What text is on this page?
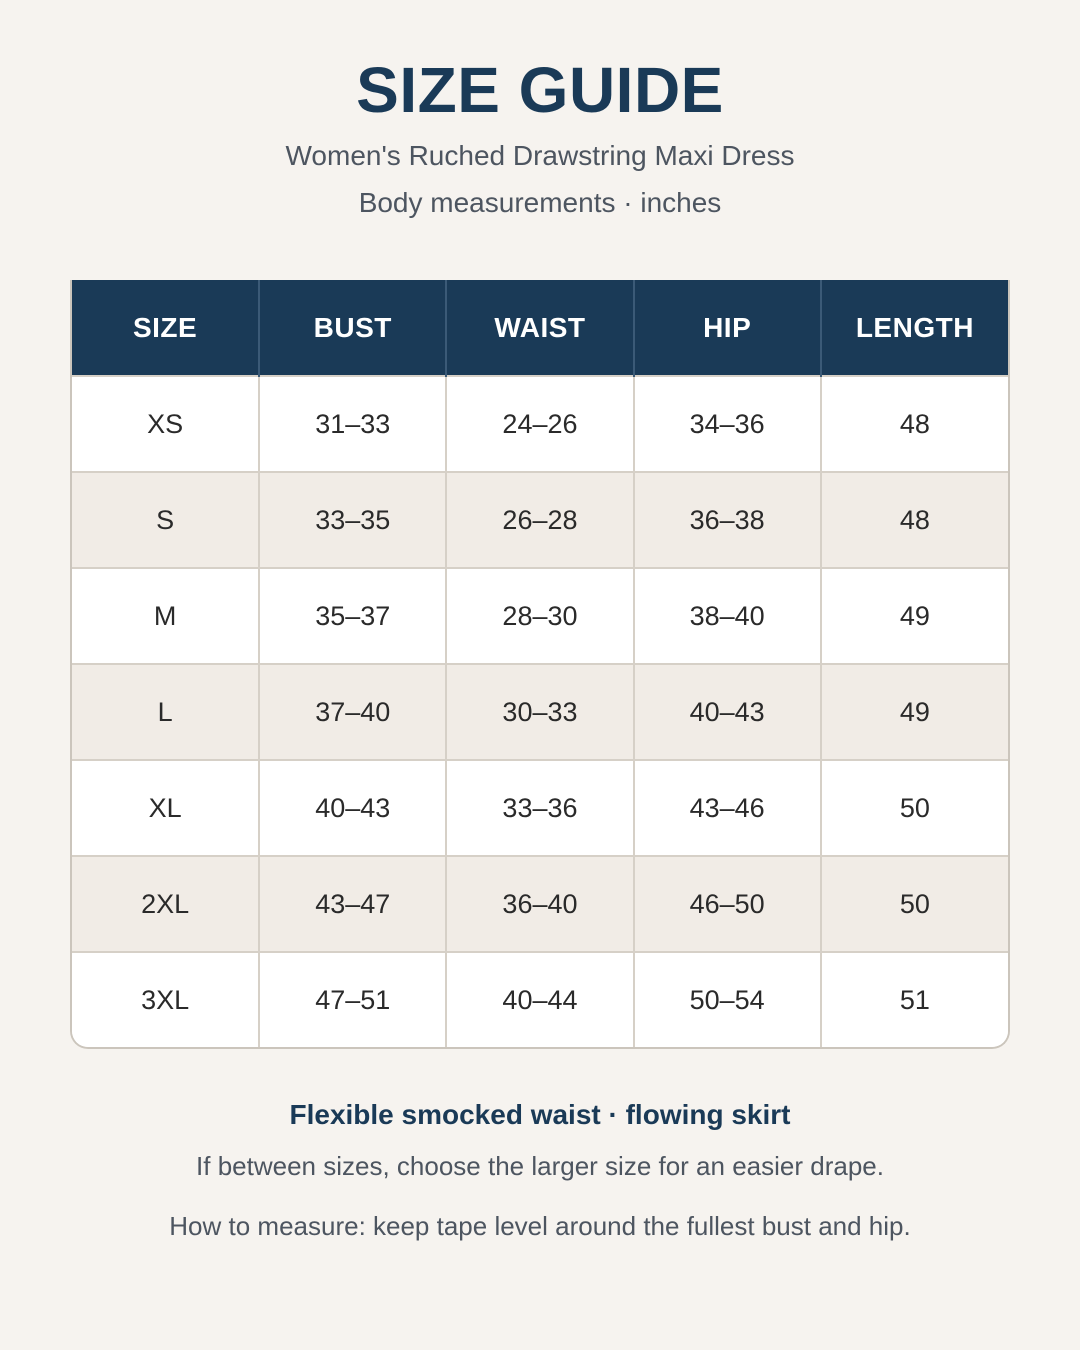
SIZE GUIDE
Women's Ruched Drawstring Maxi Dress
Body measurements · inches
SIZE	BUST	WAIST	HIP	LENGTH
XS	31–33	24–26	34–36	48
S	33–35	26–28	36–38	48
M	35–37	28–30	38–40	49
L	37–40	30–33	40–43	49
XL	40–43	33–36	43–46	50
2XL	43–47	36–40	46–50	50
3XL	47–51	40–44	50–54	51
Flexible smocked waist · flowing skirt
If between sizes, choose the larger size for an easier drape.
How to measure: keep tape level around the fullest bust and hip.
